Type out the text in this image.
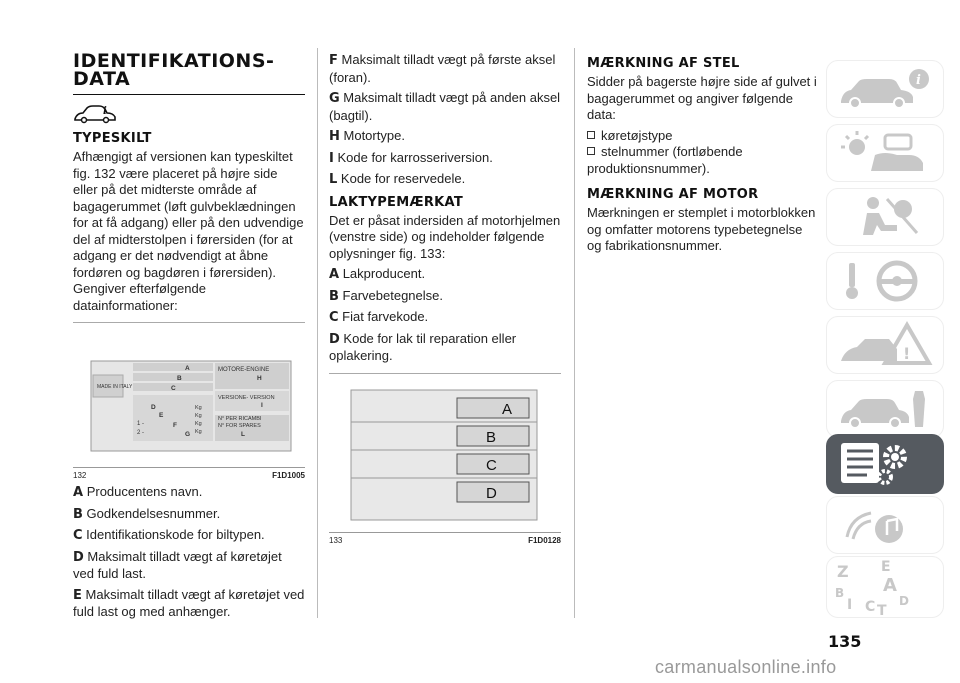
IDENTIFIKATIONS-
DATA
i
TYPESKILT

Afhængigt af versionen kan typeskiltet fig. 132 være placeret på højre side eller på det midterste område af bagagerummet (løft gulvbeklædningen for at få adgang) eller på den udvendige del af midterstolpen i førersiden (for at adgang er det nødvendigt at åbne fordøren og bagdøren i førersiden). Gengiver efterfølgende datainformationer:

MADE IN ITALY
A
B
C
D
E
F
G
1 -
2 -
Kg
Kg
Kg
Kg
MOTORE-ENGINE
H
VERSIONE- VERSION
I
N° PER RICAMBI
N° FOR SPARES
L
132	F1D1005
A Producentens navn.
B Godkendelsesnummer.
C Identifikationskode for biltypen.
D Maksimalt tilladt vægt af køretøjet ved fuld last.
E Maksimalt tilladt vægt af køretøjet ved fuld last og med anhænger.
F Maksimalt tilladt vægt på første aksel (foran).
G Maksimalt tilladt vægt på anden aksel (bagtil).
H Motortype.
I Kode for karrosseriversion.
L Kode for reservedele.
LAKTYPEMÆRKAT

Det er påsat indersiden af motorhjelmen (venstre side) og indeholder følgende oplysninger fig. 133:

A Lakproducent.
B Farvebetegnelse.
C Fiat farvekode.
D Kode for lak til reparation eller oplakering.
A
B
C
D
133	F1D0128
MÆRKNING AF STEL

Sidder på bagerste højre side af gulvet i bagagerummet og angiver følgende data:

køretøjstype
stelnummer (fortløbende produktionsnummer).
MÆRKNING AF MOTOR

Mærkningen er stemplet i motorblokken og omfatter motorens typebetegnelse og fabrikationsnummer.

i
!
Z E
B A
I C T
D
135
carmanualsonline.info
